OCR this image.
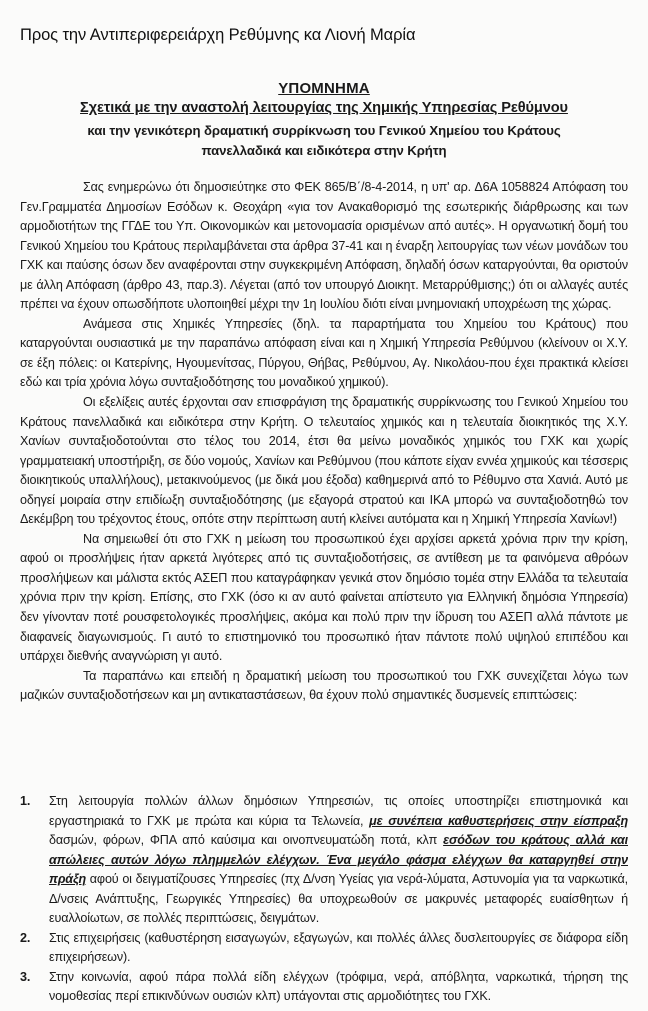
Προς την Αντιπεριφερειάρχη Ρεθύμνης κα Λιονή Μαρία
ΥΠΟΜΝΗΜΑ
Σχετικά με την αναστολή λειτουργίας της Χημικής Υπηρεσίας Ρεθύμνου
και την γενικότερη δραματική συρρίκνωση του Γενικού Χημείου του Κράτους
πανελλαδικά και ειδικότερα στην Κρήτη

Σας ενημερώνω ότι δημοσιεύτηκε στο ΦΕΚ 865/Β΄/8-4-2014, η υπ' αρ. Δ6Α 1058824 Απόφαση του Γεν.Γραμματέα Δημοσίων Εσόδων κ. Θεοχάρη «για τον Ανακαθορισμό της εσωτερικής διάρθρωσης και των αρμοδιοτήτων της ΓΓΔΕ του Υπ. Οικονομικών και μετονομασία ορισμένων από αυτές». Η οργανωτική δομή του Γενικού Χημείου του Κράτους περιλαμβάνεται στα άρθρα 37-41 και η έναρξη λειτουργίας των νέων μονάδων του ΓΧΚ και παύσης όσων δεν αναφέρονται στην συγκεκριμένη Απόφαση, δηλαδή όσων καταργούνται, θα οριστούν με άλλη Απόφαση (άρθρο 43, παρ.3). Λέγεται (από τον υπουργό Διοικητ. Μεταρρύθμισης;) ότι οι αλλαγές αυτές πρέπει να έχουν οπωσδήποτε υλοποιηθεί μέχρι την 1η Ιουλίου διότι είναι μνημονιακή υποχρέωση της χώρας.

Ανάμεσα στις Χημικές Υπηρεσίες (δηλ. τα παραρτήματα του Χημείου του Κράτους) που καταργούνται ουσιαστικά με την παραπάνω απόφαση είναι και η Χημική Υπηρεσία Ρεθύμνου (κλείνουν οι Χ.Υ. σε έξη πόλεις: οι Κατερίνης, Ηγουμενίτσας, Πύργου, Θήβας, Ρεθύμνου, Αγ. Νικολάου-που έχει πρακτικά κλείσει εδώ και τρία χρόνια λόγω συνταξιοδότησης του μοναδικού χημικού).

Οι εξελίξεις αυτές έρχονται σαν επισφράγιση της δραματικής συρρίκνωσης του Γενικού Χημείου του Κράτους πανελλαδικά και ειδικότερα στην Κρήτη. Ο τελευταίος χημικός και η τελευταία διοικητικός της Χ.Υ. Χανίων συνταξιοδοτούνται στο τέλος του 2014, έτσι θα μείνω μοναδικός χημικός του ΓΧΚ και χωρίς γραμματειακή υποστήριξη, σε δύο νομούς, Χανίων και Ρεθύμνου (που κάποτε είχαν εννέα χημικούς και τέσσερις διοικητικούς υπαλλήλους), μετακινούμενος (με δικά μου έξοδα) καθημερινά από το Ρέθυμνο στα Χανιά. Αυτό με οδηγεί μοιραία στην επιδίωξη συνταξιοδότησης (με εξαγορά στρατού και ΙΚΑ μπορώ να συνταξιοδοτηθώ τον Δεκέμβρη του τρέχοντος έτους, οπότε στην περίπτωση αυτή κλείνει αυτόματα και η Χημική Υπηρεσία Χανίων!)

Να σημειωθεί ότι στο ΓΧΚ η μείωση του προσωπικού έχει αρχίσει αρκετά χρόνια πριν την κρίση, αφού οι προσλήψεις ήταν αρκετά λιγότερες από τις συνταξιοδοτήσεις, σε αντίθεση με τα φαινόμενα αθρόων προσλήψεων και μάλιστα εκτός ΑΣΕΠ που καταγράφηκαν γενικά στον δημόσιο τομέα στην Ελλάδα τα τελευταία χρόνια πριν την κρίση. Επίσης, στο ΓΧΚ (όσο κι αν αυτό φαίνεται απίστευτο για Ελληνική δημόσια Υπηρεσία) δεν γίνονταν ποτέ ρουσφετολογικές προσλήψεις, ακόμα και πολύ πριν την ίδρυση του ΑΣΕΠ αλλά πάντοτε με διαφανείς διαγωνισμούς. Γι αυτό το επιστημονικό του προσωπικό ήταν πάντοτε πολύ υψηλού επιπέδου και υπάρχει διεθνής αναγνώριση γι αυτό.

Τα παραπάνω και επειδή η δραματική μείωση του προσωπικού του ΓΧΚ συνεχίζεται λόγω των μαζικών συνταξιοδοτήσεων και μη αντικαταστάσεων, θα έχουν πολύ σημαντικές δυσμενείς επιπτώσεις:

1. Στη λειτουργία πολλών άλλων δημόσιων Υπηρεσιών, τις οποίες υποστηρίζει επιστημονικά και εργαστηριακά το ΓΧΚ με πρώτα και κύρια τα Τελωνεία, με συνέπεια καθυστερήσεις στην είσπραξη δασμών, φόρων, ΦΠΑ από καύσιμα και οινοπνευματώδη ποτά, κλπ εσόδων του κράτους αλλά και απώλειες αυτών λόγω πλημμελών ελέγχων. Ένα μεγάλο φάσμα ελέγχων θα καταργηθεί στην πράξη αφού οι δειγματίζουσες Υπηρεσίες (πχ Δ/νση Υγείας για νερά-λύματα, Αστυνομία για τα ναρκωτικά, Δ/νσεις Ανάπτυξης, Γεωργικές Υπηρεσίες) θα υποχρεωθούν σε μακρυνές μεταφορές ευαίσθητων ή ευαλλοίωτων, σε πολλές περιπτώσεις, δειγμάτων.
2. Στις επιχειρήσεις (καθυστέρηση εισαγωγών, εξαγωγών, και πολλές άλλες δυσλειτουργίες σε διάφορα είδη επιχειρήσεων).
3. Στην κοινωνία, αφού πάρα πολλά είδη ελέγχων (τρόφιμα, νερά, απόβλητα, ναρκωτικά, τήρηση της νομοθεσίας περί επικινδύνων ουσιών κλπ) υπάγονται στις αρμοδιότητες του ΓΧΚ.
